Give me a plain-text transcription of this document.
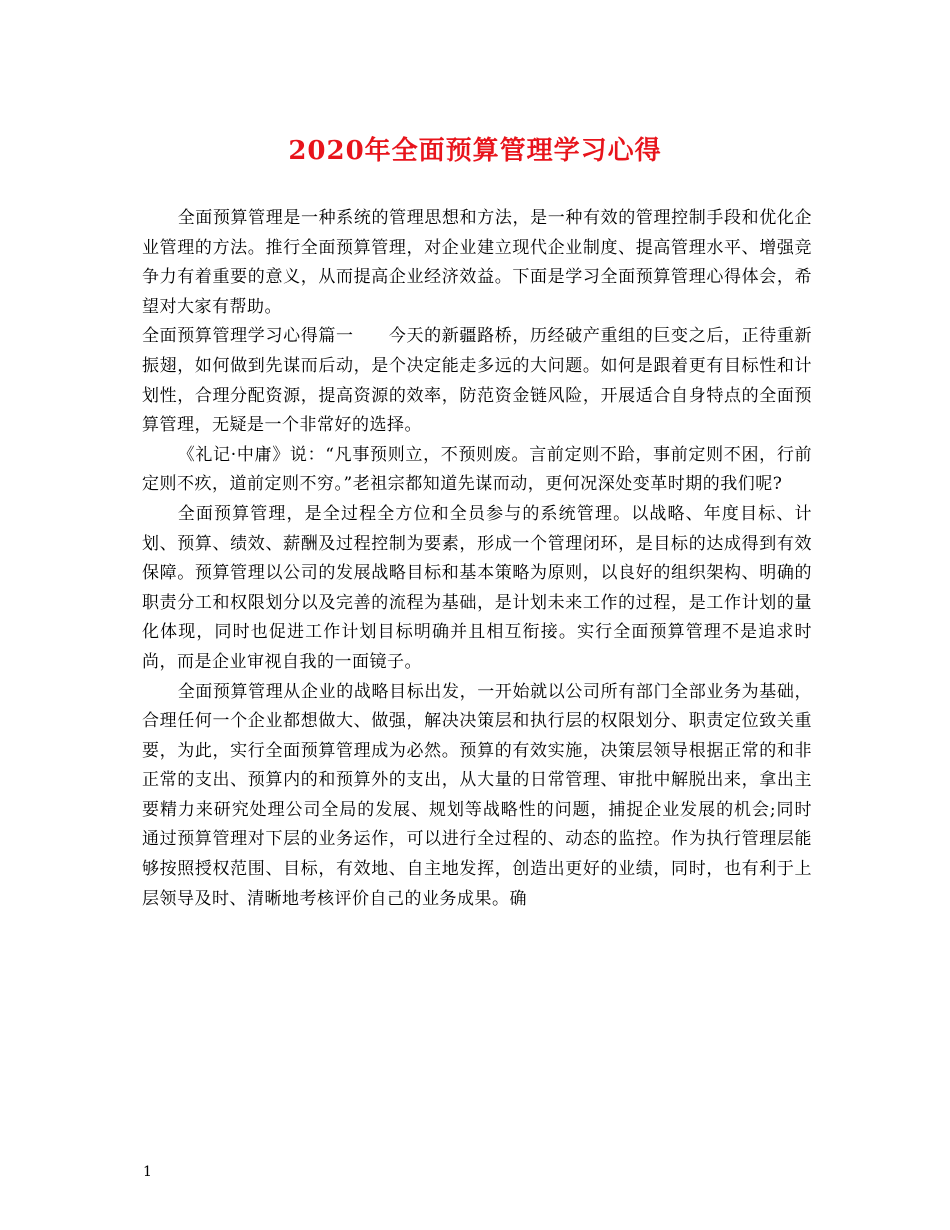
2020年全面预算管理学习心得

全面预算管理是一种系统的管理思想和方法，是一种有效的管理控制手段和优化企业管理的方法。推行全面预算管理，对企业建立现代企业制度、提高管理水平、增强竞争力有着重要的意义，从而提高企业经济效益。下面是学习全面预算管理心得体会，希望对大家有帮助。

全面预算管理学习心得篇一　　今天的新疆路桥，历经破产重组的巨变之后，正待重新振翅，如何做到先谋而后动，是个决定能走多远的大问题。如何是跟着更有目标性和计划性，合理分配资源，提高资源的效率，防范资金链风险，开展适合自身特点的全面预算管理，无疑是一个非常好的选择。

《礼记·中庸》说：“凡事预则立，不预则废。言前定则不跲，事前定则不困，行前定则不疚，道前定则不穷。”老祖宗都知道先谋而动，更何况深处变革时期的我们呢?

全面预算管理，是全过程全方位和全员参与的系统管理。以战略、年度目标、计划、预算、绩效、薪酬及过程控制为要素，形成一个管理闭环，是目标的达成得到有效保障。预算管理以公司的发展战略目标和基本策略为原则，以良好的组织架构、明确的职责分工和权限划分以及完善的流程为基础，是计划未来工作的过程，是工作计划的量化体现，同时也促进工作计划目标明确并且相互衔接。实行全面预算管理不是追求时尚，而是企业审视自我的一面镜子。

全面预算管理从企业的战略目标出发，一开始就以公司所有部门全部业务为基础，合理任何一个企业都想做大、做强，解决决策层和执行层的权限划分、职责定位致关重要，为此，实行全面预算管理成为必然。预算的有效实施，决策层领导根据正常的和非正常的支出、预算内的和预算外的支出，从大量的日常管理、审批中解脱出来，拿出主要精力来研究处理公司全局的发展、规划等战略性的问题，捕捉企业发展的机会;同时通过预算管理对下层的业务运作，可以进行全过程的、动态的监控。作为执行管理层能够按照授权范围、目标，有效地、自主地发挥，创造出更好的业绩，同时，也有利于上层领导及时、清晰地考核评价自己的业务成果。确

1
